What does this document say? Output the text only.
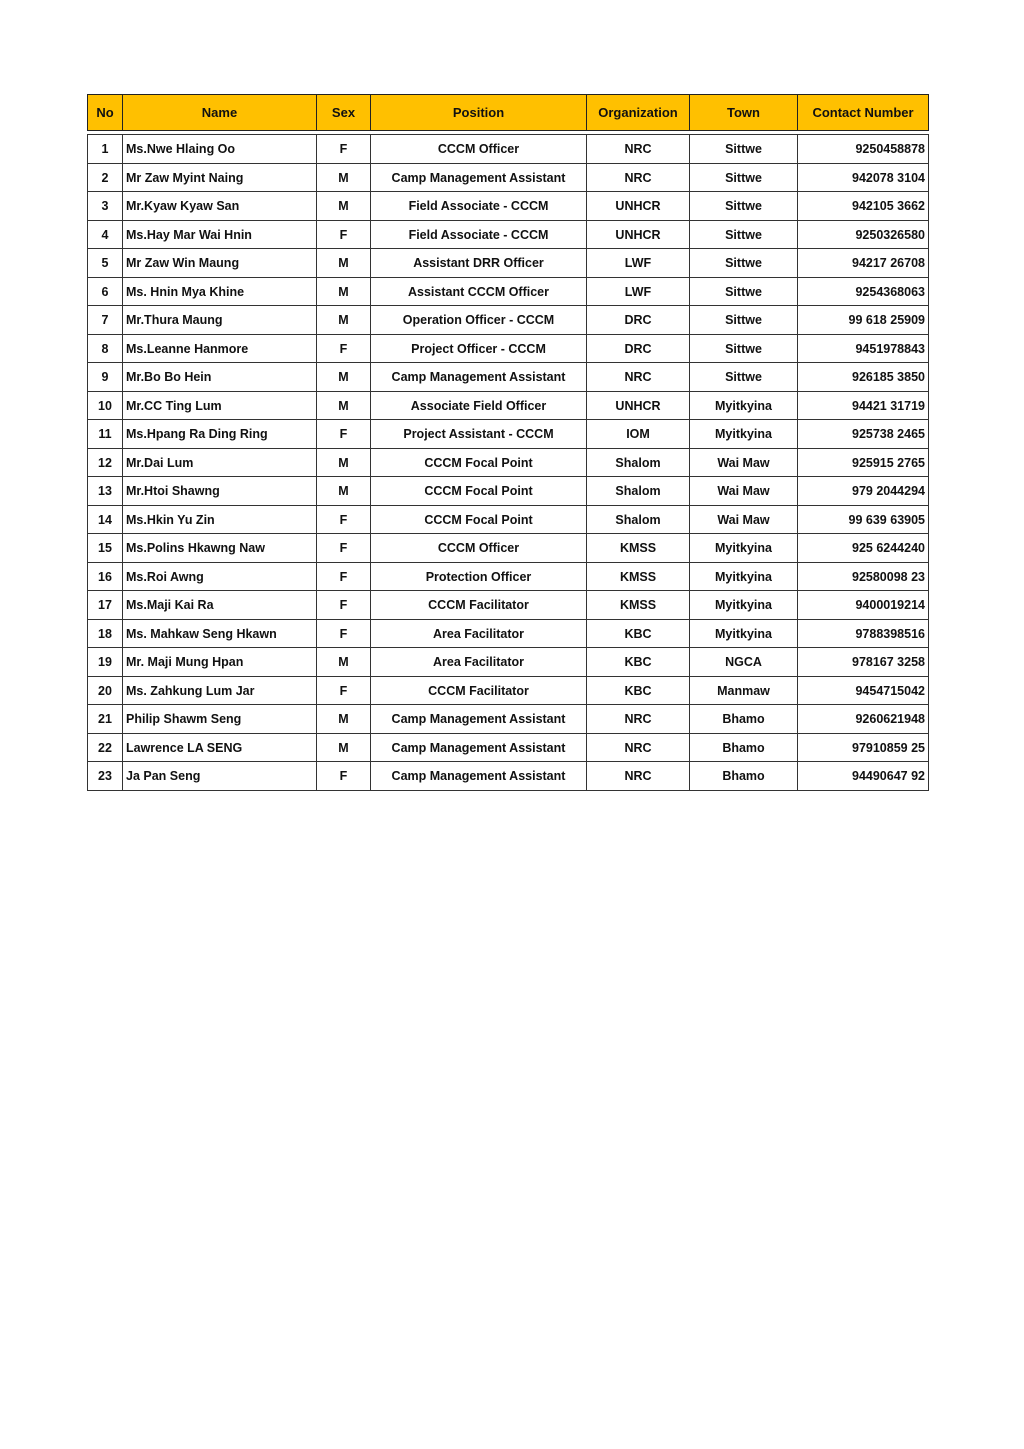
No	Name	Sex	Position	Organization	Town	Contact Number

1	Ms.Nwe Hlaing Oo	F	CCCM Officer	NRC	Sittwe	9250458878
2	Mr Zaw Myint Naing	M	Camp Management Assistant	NRC	Sittwe	942078 3104
3	Mr.Kyaw Kyaw San	M	Field Associate - CCCM	UNHCR	Sittwe	942105 3662
4	Ms.Hay Mar Wai Hnin	F	Field Associate - CCCM	UNHCR	Sittwe	9250326580
5	Mr Zaw Win Maung	M	Assistant DRR Officer	LWF	Sittwe	94217 26708
6	Ms. Hnin Mya Khine	M	Assistant CCCM Officer	LWF	Sittwe	9254368063
7	Mr.Thura Maung	M	Operation Officer - CCCM	DRC	Sittwe	99 618 25909
8	Ms.Leanne Hanmore	F	Project Officer - CCCM	DRC	Sittwe	9451978843
9	Mr.Bo Bo Hein	M	Camp Management Assistant	NRC	Sittwe	926185 3850
10	Mr.CC Ting Lum	M	Associate Field Officer	UNHCR	Myitkyina	94421 31719
11	Ms.Hpang Ra Ding Ring	F	Project Assistant - CCCM	IOM	Myitkyina	925738 2465
12	Mr.Dai Lum	M	CCCM Focal Point	Shalom	Wai Maw	925915 2765
13	Mr.Htoi Shawng	M	CCCM Focal Point	Shalom	Wai Maw	979 2044294
14	Ms.Hkin Yu Zin	F	CCCM Focal Point	Shalom	Wai Maw	99 639 63905
15	Ms.Polins Hkawng Naw	F	CCCM Officer	KMSS	Myitkyina	925 6244240
16	Ms.Roi Awng	F	Protection Officer	KMSS	Myitkyina	92580098 23
17	Ms.Maji Kai Ra	F	CCCM Facilitator	KMSS	Myitkyina	9400019214
18	Ms. Mahkaw Seng Hkawn	F	Area Facilitator	KBC	Myitkyina	9788398516
19	Mr. Maji Mung Hpan	M	Area Facilitator	KBC	NGCA	978167 3258
20	Ms. Zahkung Lum Jar	F	CCCM Facilitator	KBC	Manmaw	9454715042
21	Philip Shawm Seng	M	Camp Management Assistant	NRC	Bhamo	9260621948
22	Lawrence LA SENG	M	Camp Management Assistant	NRC	Bhamo	97910859 25
23	Ja Pan Seng	F	Camp Management Assistant	NRC	Bhamo	94490647 92
